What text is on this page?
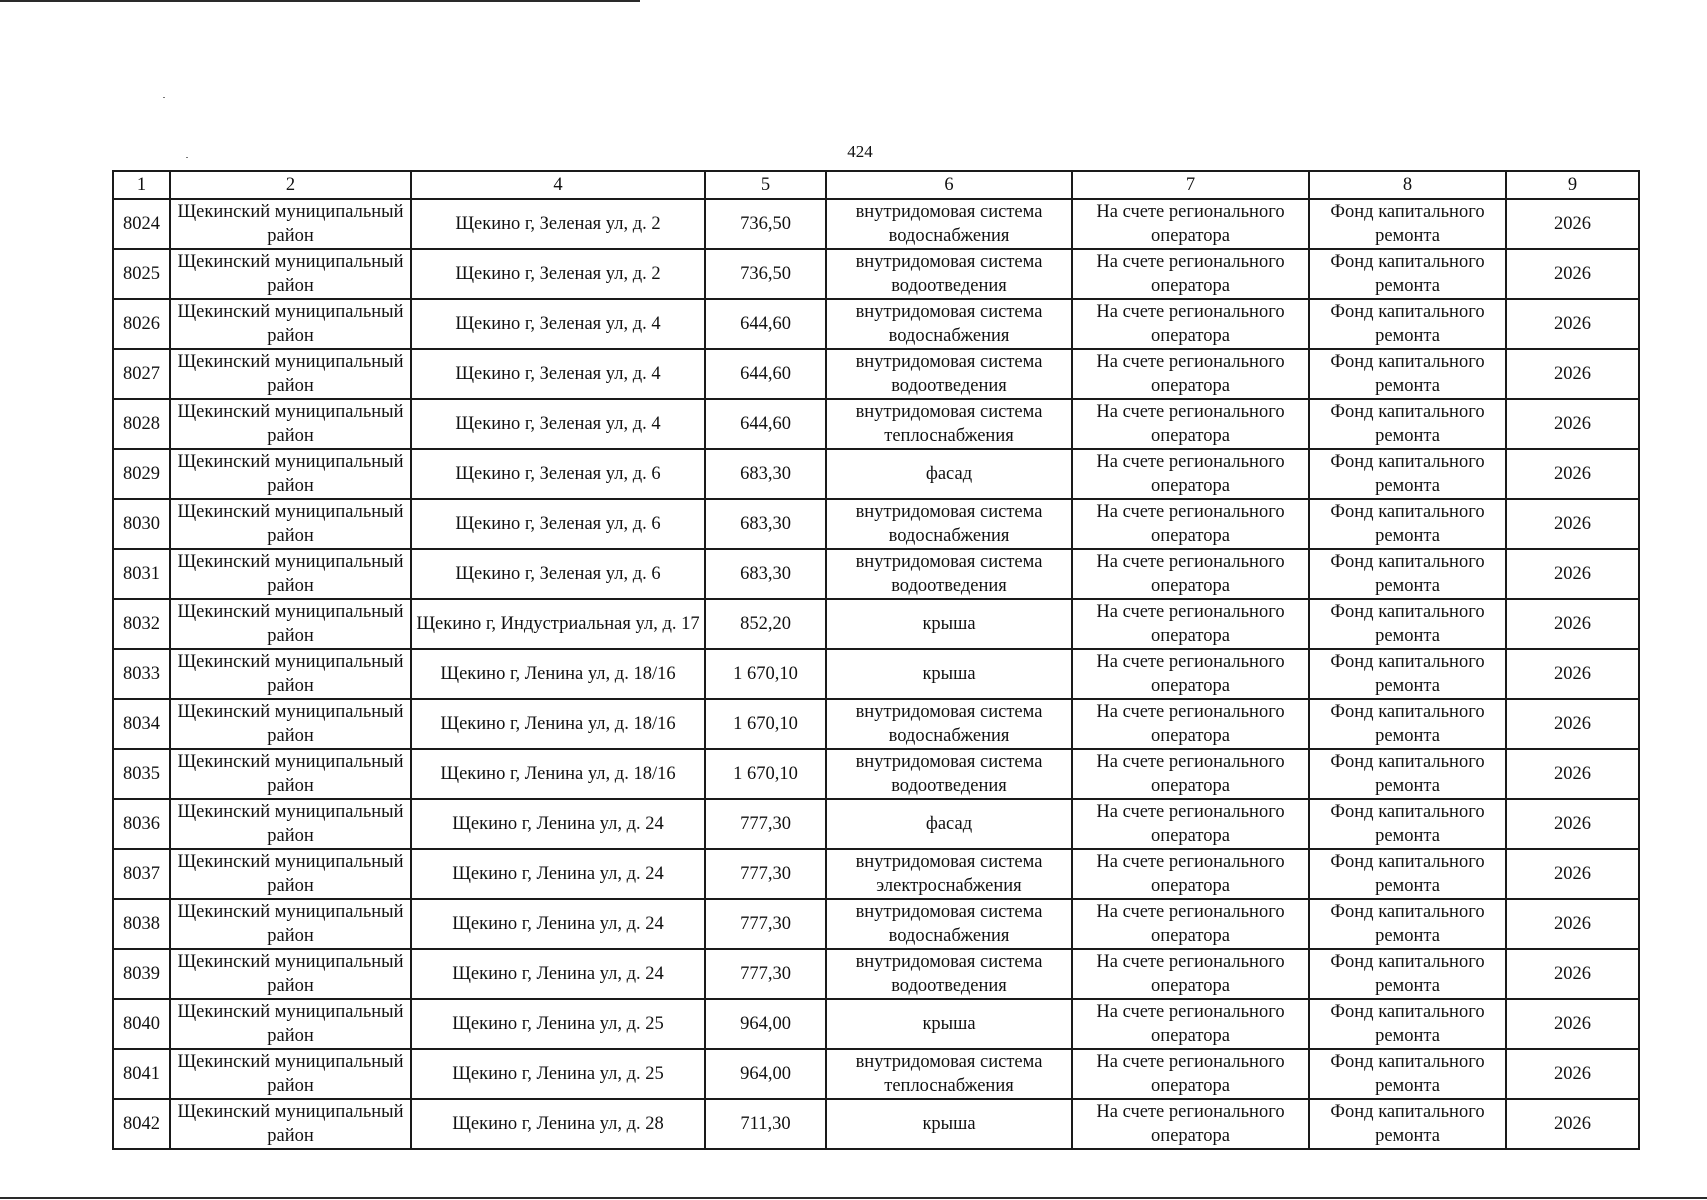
424
1	2	4	5	6	7	8	9
8024	Щекинский муниципальный район	Щекино г, Зеленая ул, д. 2	736,50	внутридомовая система водоснабжения	На счете регионального оператора	Фонд капитального ремонта	2026
8025	Щекинский муниципальный район	Щекино г, Зеленая ул, д. 2	736,50	внутридомовая система водоотведения	На счете регионального оператора	Фонд капитального ремонта	2026
8026	Щекинский муниципальный район	Щекино г, Зеленая ул, д. 4	644,60	внутридомовая система водоснабжения	На счете регионального оператора	Фонд капитального ремонта	2026
8027	Щекинский муниципальный район	Щекино г, Зеленая ул, д. 4	644,60	внутридомовая система водоотведения	На счете регионального оператора	Фонд капитального ремонта	2026
8028	Щекинский муниципальный район	Щекино г, Зеленая ул, д. 4	644,60	внутридомовая система теплоснабжения	На счете регионального оператора	Фонд капитального ремонта	2026
8029	Щекинский муниципальный район	Щекино г, Зеленая ул, д. 6	683,30	фасад	На счете регионального оператора	Фонд капитального ремонта	2026
8030	Щекинский муниципальный район	Щекино г, Зеленая ул, д. 6	683,30	внутридомовая система водоснабжения	На счете регионального оператора	Фонд капитального ремонта	2026
8031	Щекинский муниципальный район	Щекино г, Зеленая ул, д. 6	683,30	внутридомовая система водоотведения	На счете регионального оператора	Фонд капитального ремонта	2026
8032	Щекинский муниципальный район	Щекино г, Индустриальная ул, д. 17	852,20	крыша	На счете регионального оператора	Фонд капитального ремонта	2026
8033	Щекинский муниципальный район	Щекино г, Ленина ул, д. 18/16	1 670,10	крыша	На счете регионального оператора	Фонд капитального ремонта	2026
8034	Щекинский муниципальный район	Щекино г, Ленина ул, д. 18/16	1 670,10	внутридомовая система водоснабжения	На счете регионального оператора	Фонд капитального ремонта	2026
8035	Щекинский муниципальный район	Щекино г, Ленина ул, д. 18/16	1 670,10	внутридомовая система водоотведения	На счете регионального оператора	Фонд капитального ремонта	2026
8036	Щекинский муниципальный район	Щекино г, Ленина ул, д. 24	777,30	фасад	На счете регионального оператора	Фонд капитального ремонта	2026
8037	Щекинский муниципальный район	Щекино г, Ленина ул, д. 24	777,30	внутридомовая система электроснабжения	На счете регионального оператора	Фонд капитального ремонта	2026
8038	Щекинский муниципальный район	Щекино г, Ленина ул, д. 24	777,30	внутридомовая система водоснабжения	На счете регионального оператора	Фонд капитального ремонта	2026
8039	Щекинский муниципальный район	Щекино г, Ленина ул, д. 24	777,30	внутридомовая система водоотведения	На счете регионального оператора	Фонд капитального ремонта	2026
8040	Щекинский муниципальный район	Щекино г, Ленина ул, д. 25	964,00	крыша	На счете регионального оператора	Фонд капитального ремонта	2026
8041	Щекинский муниципальный район	Щекино г, Ленина ул, д. 25	964,00	внутридомовая система теплоснабжения	На счете регионального оператора	Фонд капитального ремонта	2026
8042	Щекинский муниципальный район	Щекино г, Ленина ул, д. 28	711,30	крыша	На счете регионального оператора	Фонд капитального ремонта	2026
